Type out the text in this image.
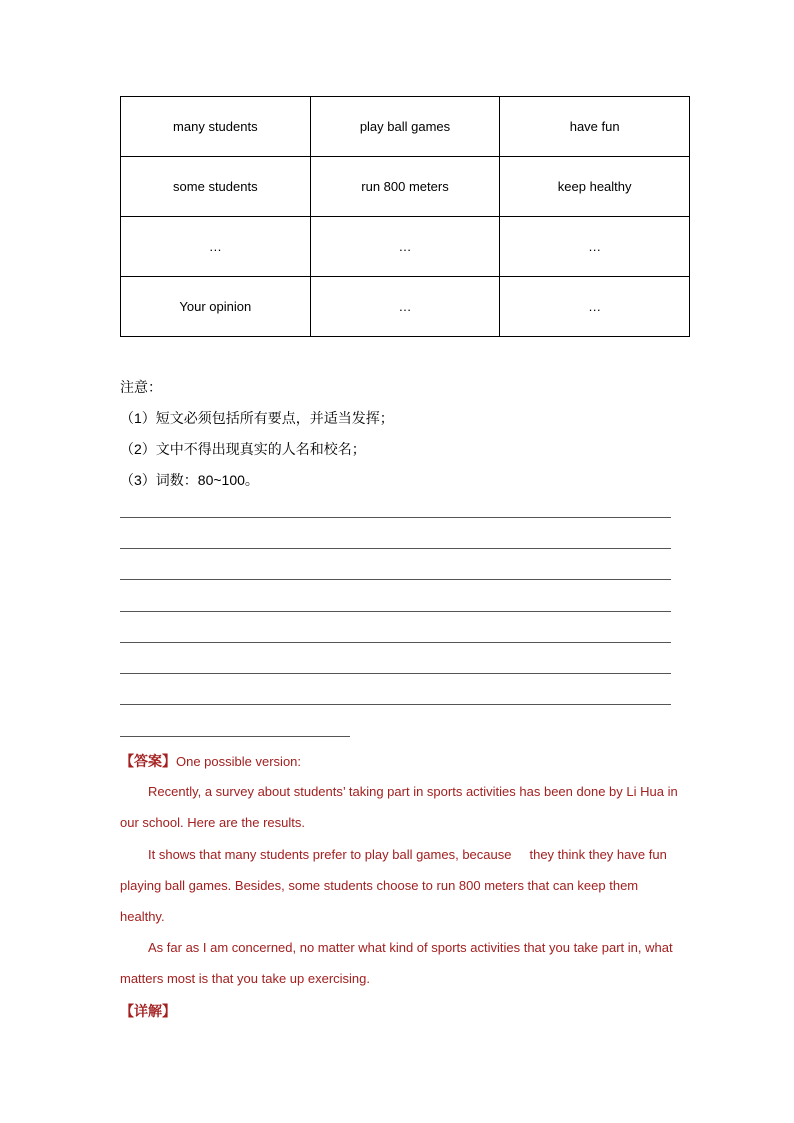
many students	play ball games	have fun
some students	run 800 meters	keep healthy
…	…	…
Your opinion	…	…
注意：
（1）短文必须包括所有要点，并适当发挥；
（2）文中不得出现真实的人名和校名；
（3）词数：80~100。
【答案】One possible version:
Recently, a survey about students’ taking part in sports activities has been done by Li Hua in
our school. Here are the results.
It shows that many students prefer to play ball games, because they think they have fun
playing ball games. Besides, some students choose to run 800 meters that can keep them
healthy.
As far as I am concerned, no matter what kind of sports activities that you take part in, what
matters most is that you take up exercising.
【详解】
